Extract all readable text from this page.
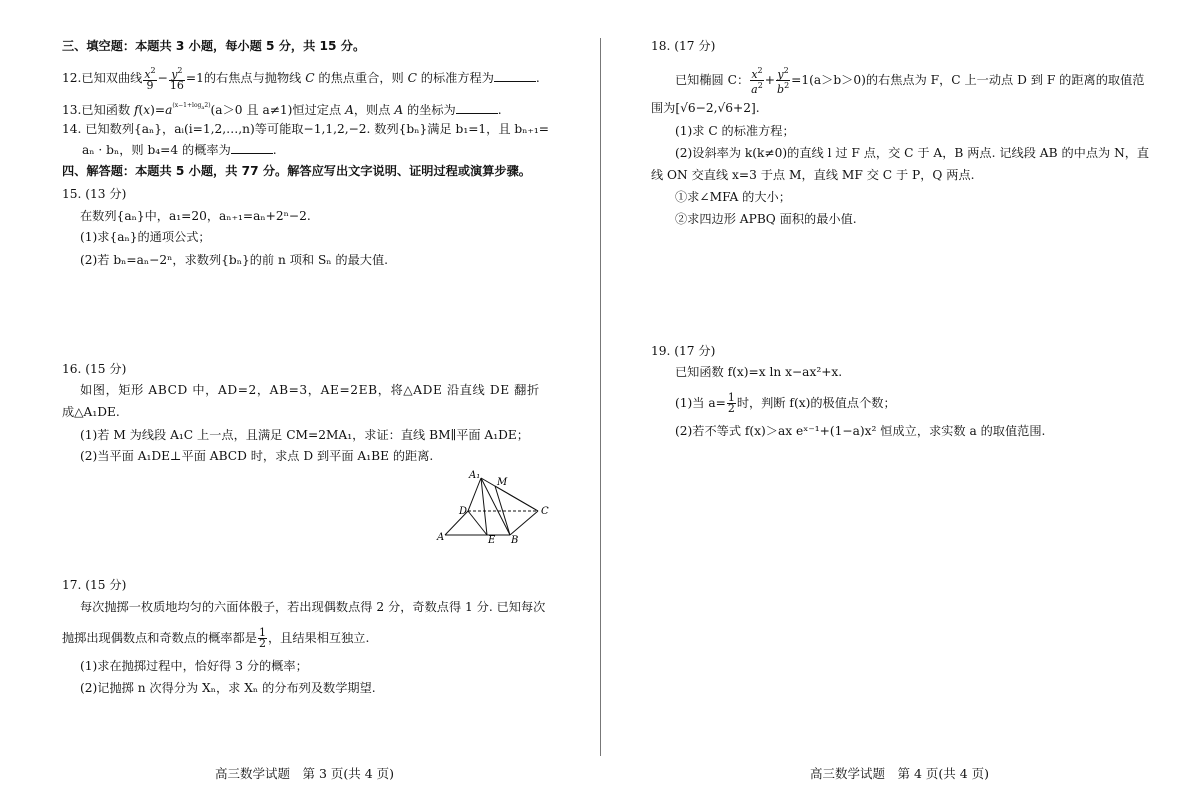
三、填空题：本题共 3 小题，每小题 5 分，共 15 分。
12.已知双曲线 $\frac{x^2}{9} - \frac{y^2}{16} =1$的右焦点与抛物线 C 的焦点重合，则 C 的标准方程为	.
13.已知函数 $f(x)=a^{(x-1+log_a2)}(a>0$ 且 a≠1)恒过定点 A，则点 A 的坐标为	.
14. 已知数列{aₙ}，aᵢ(i=1,2,…,n)等可能取−1,1,2,−2. 数列{bₙ}满足 b₁=1，且 bₙ₊₁=
aₙ · bₙ，则 b₄=4 的概率为	.
四、解答题：本题共 5 小题，共 77 分。解答应写出文字说明、证明过程或演算步骤。
15. (13 分)
在数列{aₙ}中，a₁=20，aₙ₊₁=aₙ+2ⁿ−2.
(1)求{aₙ}的通项公式；
(2)若 bₙ=aₙ−2ⁿ，求数列{bₙ}的前 n 项和 Sₙ 的最大值.
16. (15 分)
如图，矩形 ABCD 中，AD=2，AB=3，AE=2EB，将△ADE 沿直线 DE 翻折
成△A₁DE.
(1)若 M 为线段 A₁C 上一点，且满足 CM=2MA₁，求证：直线 BM∥平面 A₁DE；
(2)当平面 A₁DE⊥平面 ABCD 时，求点 D 到平面 A₁BE 的距离.
A₁
M
D	C
A	E B
17. (15 分)
每次抛掷一枚质地均匀的六面体骰子，若出现偶数点得 2 分，奇数点得 1 分. 已知每次
抛掷出现偶数点和奇数点的概率都是 $\frac{1}{2}$ ，且结果相互独立.
(1)求在抛掷过程中，恰好得 3 分的概率；
(2)记抛掷 n 次得分为 Xₙ，求 Xₙ 的分布列及数学期望.
高三数学试题　第 3 页(共 4 页)
18. (17 分)
已知椭圆 C： $\frac{x^2}{a^2} + \frac{y^2}{b^2} =1(a>b>0)$的右焦点为 F，C 上一动点 D 到 F 的距离的取值范
围为[√6−2,√6+2].
(1)求 C 的标准方程；
(2)设斜率为 k(k≠0)的直线 l 过 F 点，交 C 于 A，B 两点. 记线段 AB 的中点为 N，直
线 ON 交直线 x=3 于点 M，直线 MF 交 C 于 P，Q 两点.
①求∠MFA 的大小；
②求四边形 APBQ 面积的最小值.
19. (17 分)
已知函数 f(x)=x ln x−ax²+x.
(1)当 $a= \frac{1}{2}$ 时，判断 f(x)的极值点个数；
(2)若不等式 f(x)＞ax eˣ⁻¹+(1−a)x² 恒成立，求实数 a 的取值范围.
高三数学试题　第 4 页(共 4 页)
